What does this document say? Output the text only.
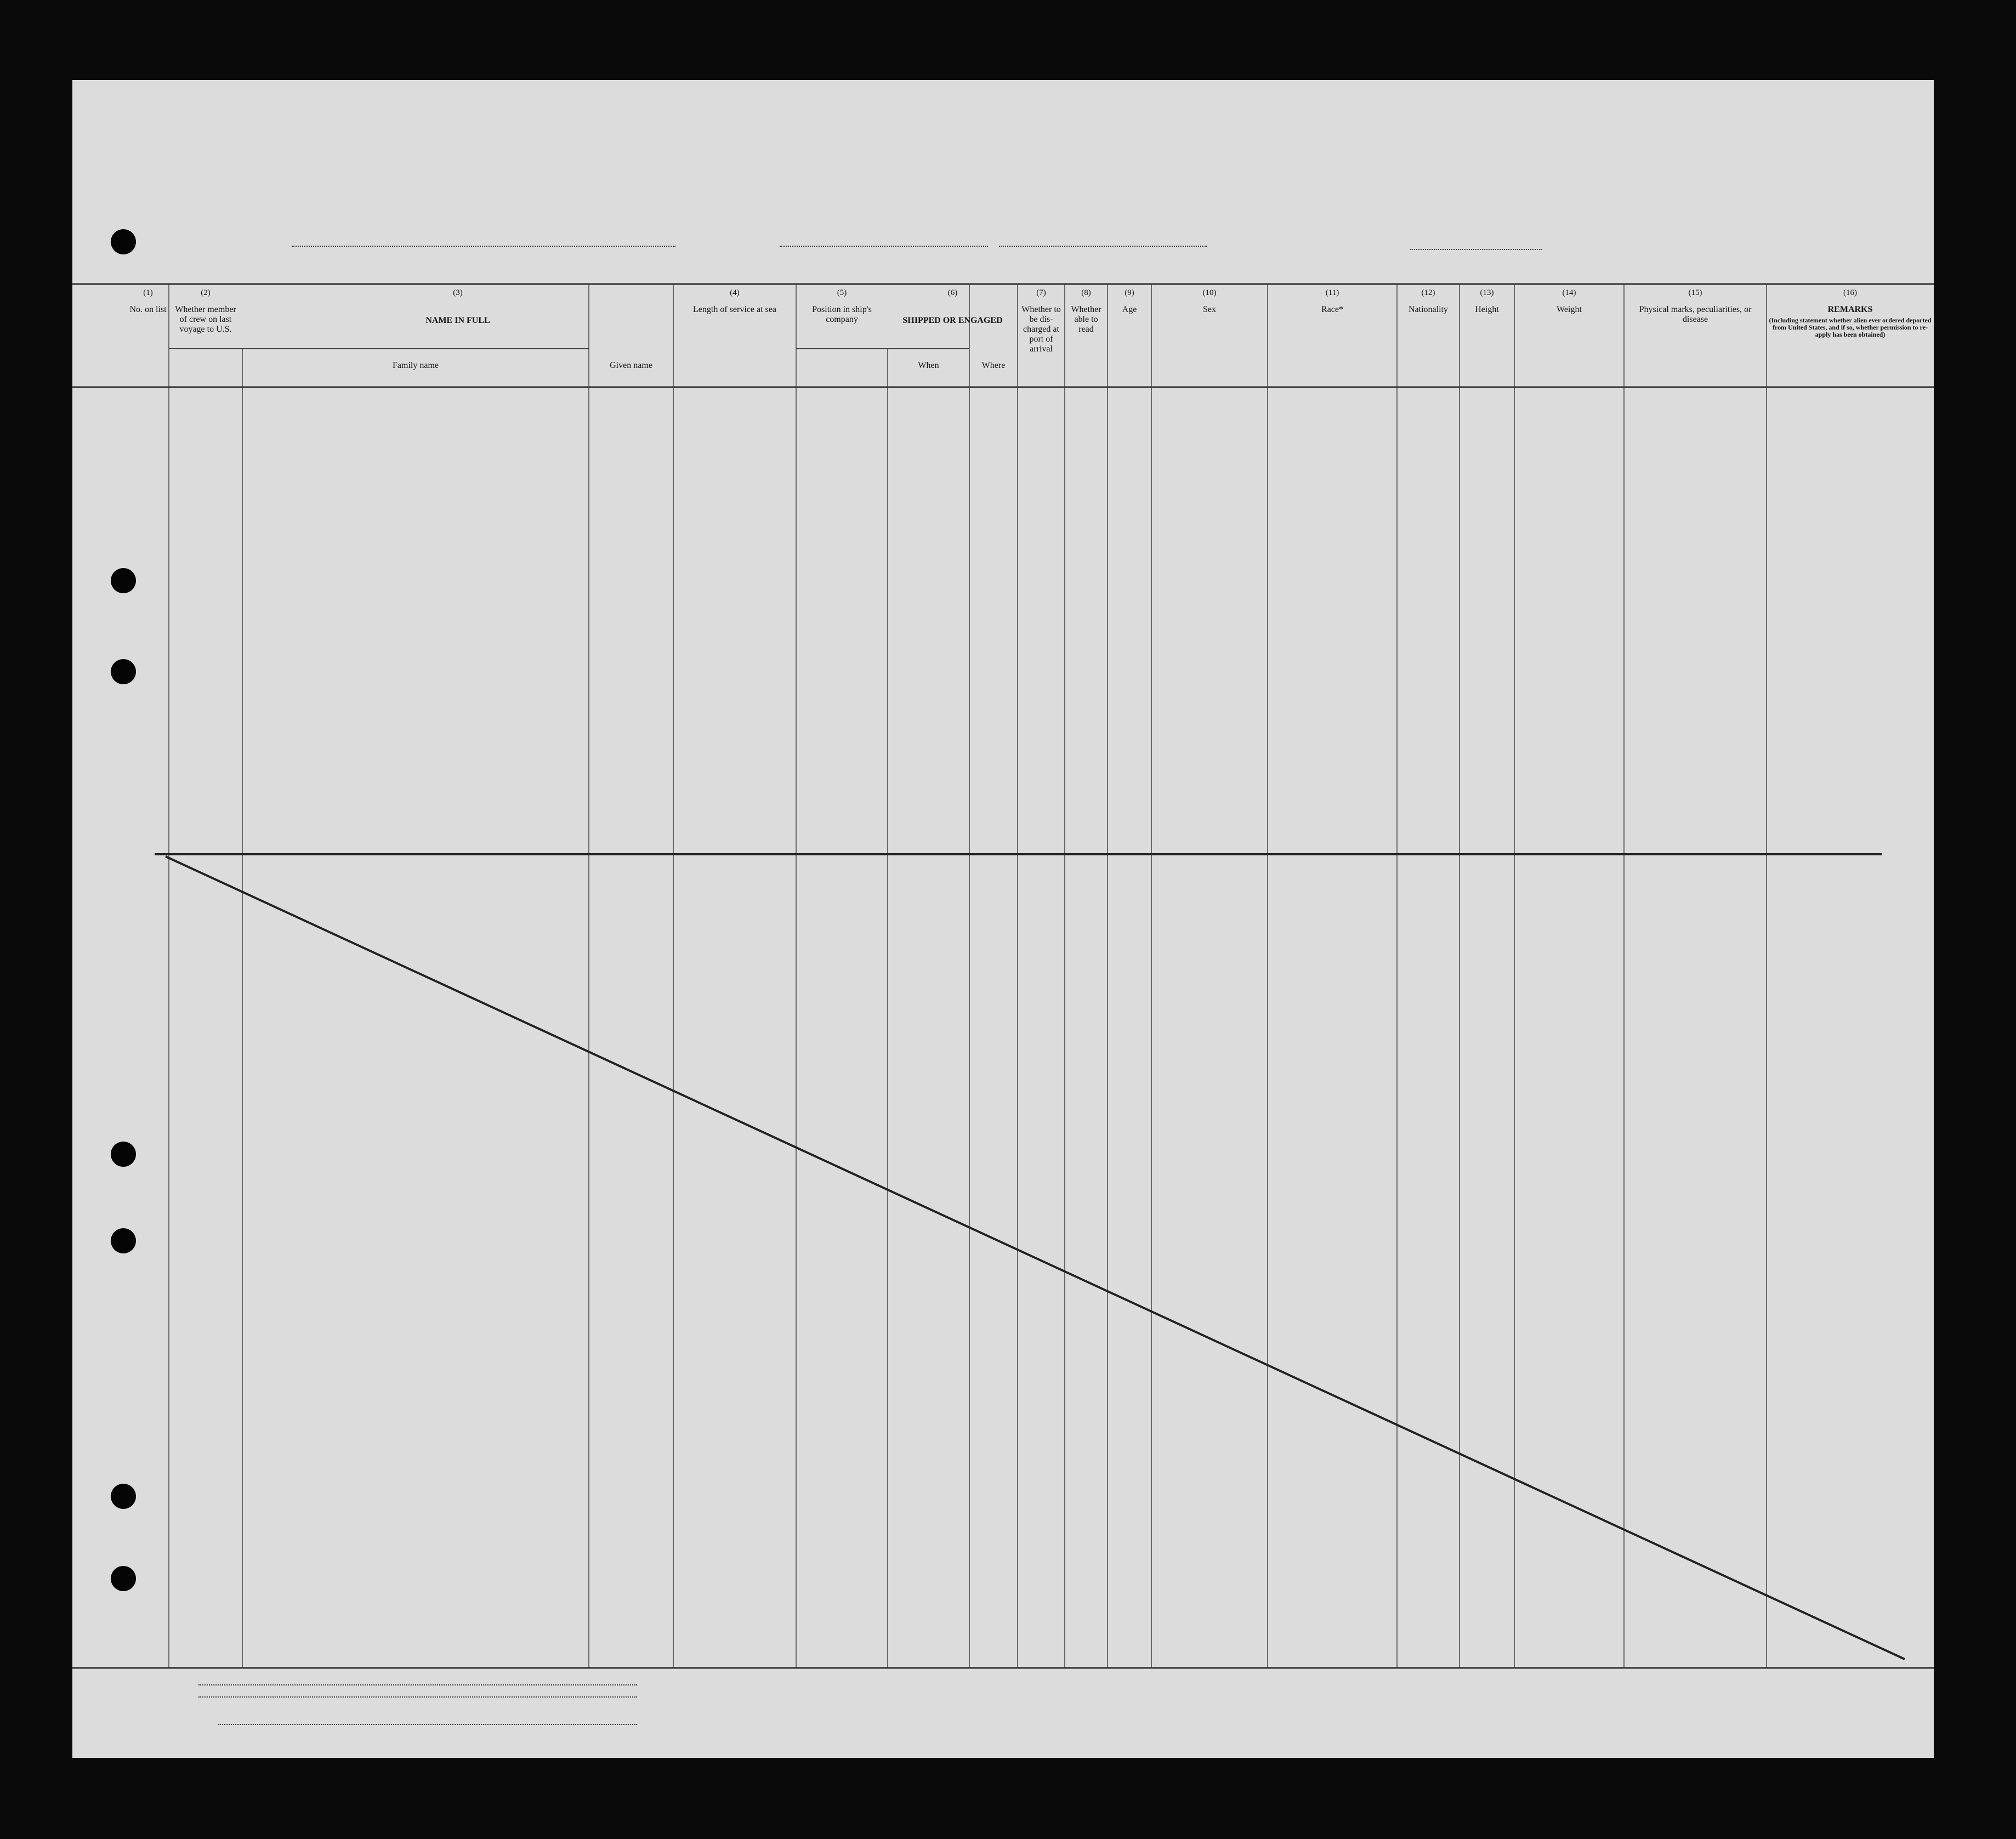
(1)
No. on list
(2)
Whether member of crew on last voyage to U.S.
(3)
NAME IN FULL
Family name	Given name
(4)
Length of service at sea
(5)
Position in ship's company
(6)
SHIPPED OR ENGAGED
When	Where
(7)
Whether to be dis-charged at port of arrival
(8)
Whether able to read
(9)
Age
(10)
Sex
(11)
Race*
(12)
Nationality
(13)
Height
(14)
Weight
(15)
Physical marks, peculiarities, or disease
(16)
REMARKS
(Including statement whether alien ever ordered deported from United States, and if so, whether permission to re-apply has been obtained)
